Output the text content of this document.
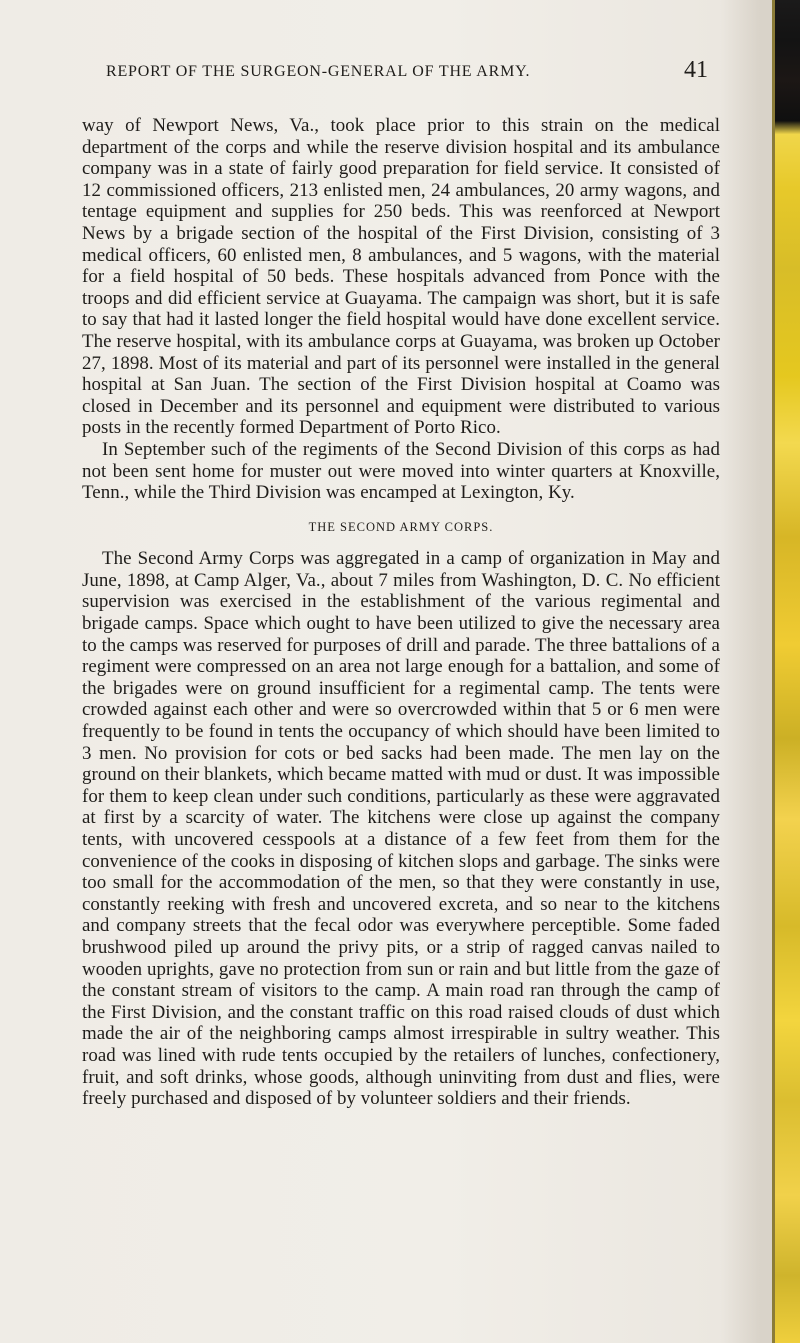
REPORT OF THE SURGEON-GENERAL OF THE ARMY.	41

way of Newport News, Va., took place prior to this strain on the medical department of the corps and while the reserve division hospital and its ambulance company was in a state of fairly good preparation for field service. It consisted of 12 commissioned officers, 213 enlisted men, 24 ambulances, 20 army wagons, and tentage equipment and supplies for 250 beds. This was reenforced at Newport News by a brigade section of the hospital of the First Division, consisting of 3 medical officers, 60 enlisted men, 8 ambulances, and 5 wagons, with the material for a field hospital of 50 beds. These hospitals advanced from Ponce with the troops and did efficient service at Guayama. The campaign was short, but it is safe to say that had it lasted longer the field hospital would have done excellent service. The reserve hospital, with its ambulance corps at Guayama, was broken up October 27, 1898. Most of its material and part of its personnel were installed in the general hospital at San Juan. The section of the First Division hospital at Coamo was closed in December and its personnel and equipment were distributed to various posts in the recently formed Department of Porto Rico.

In September such of the regiments of the Second Division of this corps as had not been sent home for muster out were moved into winter quarters at Knoxville, Tenn., while the Third Division was encamped at Lexington, Ky.

THE SECOND ARMY CORPS.

The Second Army Corps was aggregated in a camp of organization in May and June, 1898, at Camp Alger, Va., about 7 miles from Washington, D. C. No efficient supervision was exercised in the establishment of the various regimental and brigade camps. Space which ought to have been utilized to give the necessary area to the camps was reserved for purposes of drill and parade. The three battalions of a regiment were compressed on an area not large enough for a battalion, and some of the brigades were on ground insufficient for a regimental camp. The tents were crowded against each other and were so overcrowded within that 5 or 6 men were frequently to be found in tents the occupancy of which should have been limited to 3 men. No provision for cots or bed sacks had been made. The men lay on the ground on their blankets, which became matted with mud or dust. It was impossible for them to keep clean under such conditions, particularly as these were aggravated at first by a scarcity of water. The kitchens were close up against the company tents, with uncovered cesspools at a distance of a few feet from them for the convenience of the cooks in disposing of kitchen slops and garbage. The sinks were too small for the accommodation of the men, so that they were constantly in use, constantly reeking with fresh and uncovered excreta, and so near to the kitchens and company streets that the fecal odor was everywhere perceptible. Some faded brushwood piled up around the privy pits, or a strip of ragged canvas nailed to wooden uprights, gave no protection from sun or rain and but little from the gaze of the constant stream of visitors to the camp. A main road ran through the camp of the First Division, and the constant traffic on this road raised clouds of dust which made the air of the neighboring camps almost irrespirable in sultry weather. This road was lined with rude tents occupied by the retailers of lunches, confectionery, fruit, and soft drinks, whose goods, although uninviting from dust and flies, were freely purchased and disposed of by volunteer soldiers and their friends.
